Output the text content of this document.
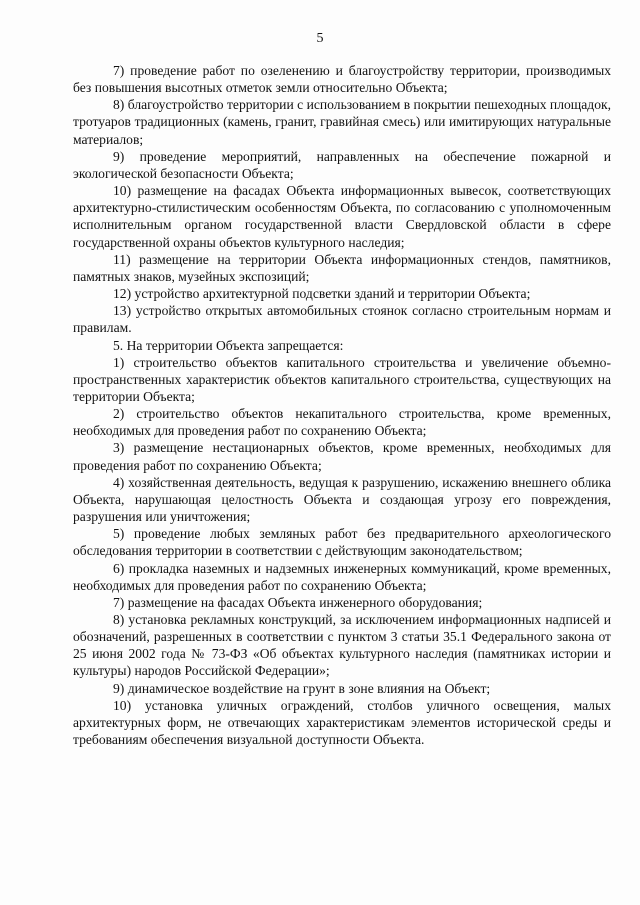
5

7) проведение работ по озеленению и благоустройству территории, производимых без повышения высотных отметок земли относительно Объекта;

8) благоустройство территории с использованием в покрытии пешеходных площадок, тротуаров традиционных (камень, гранит, гравийная смесь) или имитирующих натуральные материалов;

9) проведение мероприятий, направленных на обеспечение пожарной и экологической безопасности Объекта;

10) размещение на фасадах Объекта информационных вывесок, соответствующих архитектурно-стилистическим особенностям Объекта, по согласованию с уполномоченным исполнительным органом государственной власти Свердловской области в сфере государственной охраны объектов культурного наследия;

11) размещение на территории Объекта информационных стендов, памятников, памятных знаков, музейных экспозиций;

12) устройство архитектурной подсветки зданий и территории Объекта;

13) устройство открытых автомобильных стоянок согласно строительным нормам и правилам.

5. На территории Объекта запрещается:

1) строительство объектов капитального строительства и увеличение объемно-пространственных характеристик объектов капитального строительства, существующих на территории Объекта;

2) строительство объектов некапитального строительства, кроме временных, необходимых для проведения работ по сохранению Объекта;

3) размещение нестационарных объектов, кроме временных, необходимых для проведения работ по сохранению Объекта;

4) хозяйственная деятельность, ведущая к разрушению, искажению внешнего облика Объекта, нарушающая целостность Объекта и создающая угрозу его повреждения, разрушения или уничтожения;

5) проведение любых земляных работ без предварительного археологического обследования территории в соответствии с действующим законодательством;

6) прокладка наземных и надземных инженерных коммуникаций, кроме временных, необходимых для проведения работ по сохранению Объекта;

7) размещение на фасадах Объекта инженерного оборудования;

8) установка рекламных конструкций, за исключением информационных надписей и обозначений, разрешенных в соответствии с пунктом 3 статьи 35.1 Федерального закона от 25 июня 2002 года № 73-ФЗ «Об объектах культурного наследия (памятниках истории и культуры) народов Российской Федерации»;

9) динамическое воздействие на грунт в зоне влияния на Объект;

10) установка уличных ограждений, столбов уличного освещения, малых архитектурных форм, не отвечающих характеристикам элементов исторической среды и требованиям обеспечения визуальной доступности Объекта.
